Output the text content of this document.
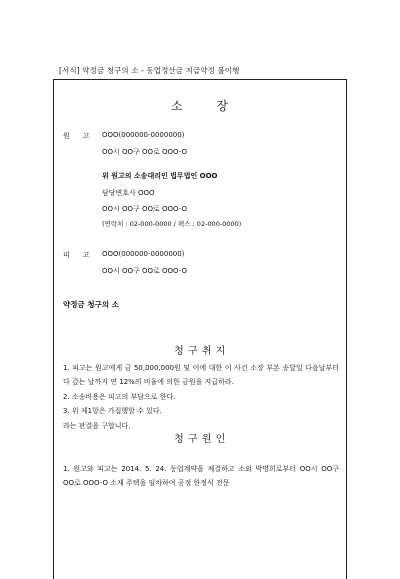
[서식] 약정금 청구의 소 - 동업정산금 지급약정 불이행
소 장
원 고 OOO(000000-0000000)
OO시 OO구 OO로 OOO-O
위 원고의 소송대리인 법무법인 OOO
담당변호사 OOO
OO시 OO구 OO로 OOO-O
(연락처 : 02-000-0000 / 팩스 : 02-000-0000)
피 고 OOO(000000-0000000)
OO시 OO구 OO로 OOO-O
약정금 청구의 소
청 구 취 지
1. 피고는 원고에게 금 50,000,000원 및 이에 대한 이 사건 소장 부본 송달일 다음날부터 다 갚는 날까지 연 12%의 비율에 의한 금원을 지급하라.
2. 소송비용은 피고의 부담으로 한다.
3. 위 제1항은 가집행할 수 있다.
라는 판결을 구합니다.
청 구 원 인
1. 원고와 피고는 2014. 5. 24. 동업계약을 체결하고 소외 박명희로부터 OO시 OO구 OO로 OOO-O 소재 주택을 임차하여 공정 한정식 전문
